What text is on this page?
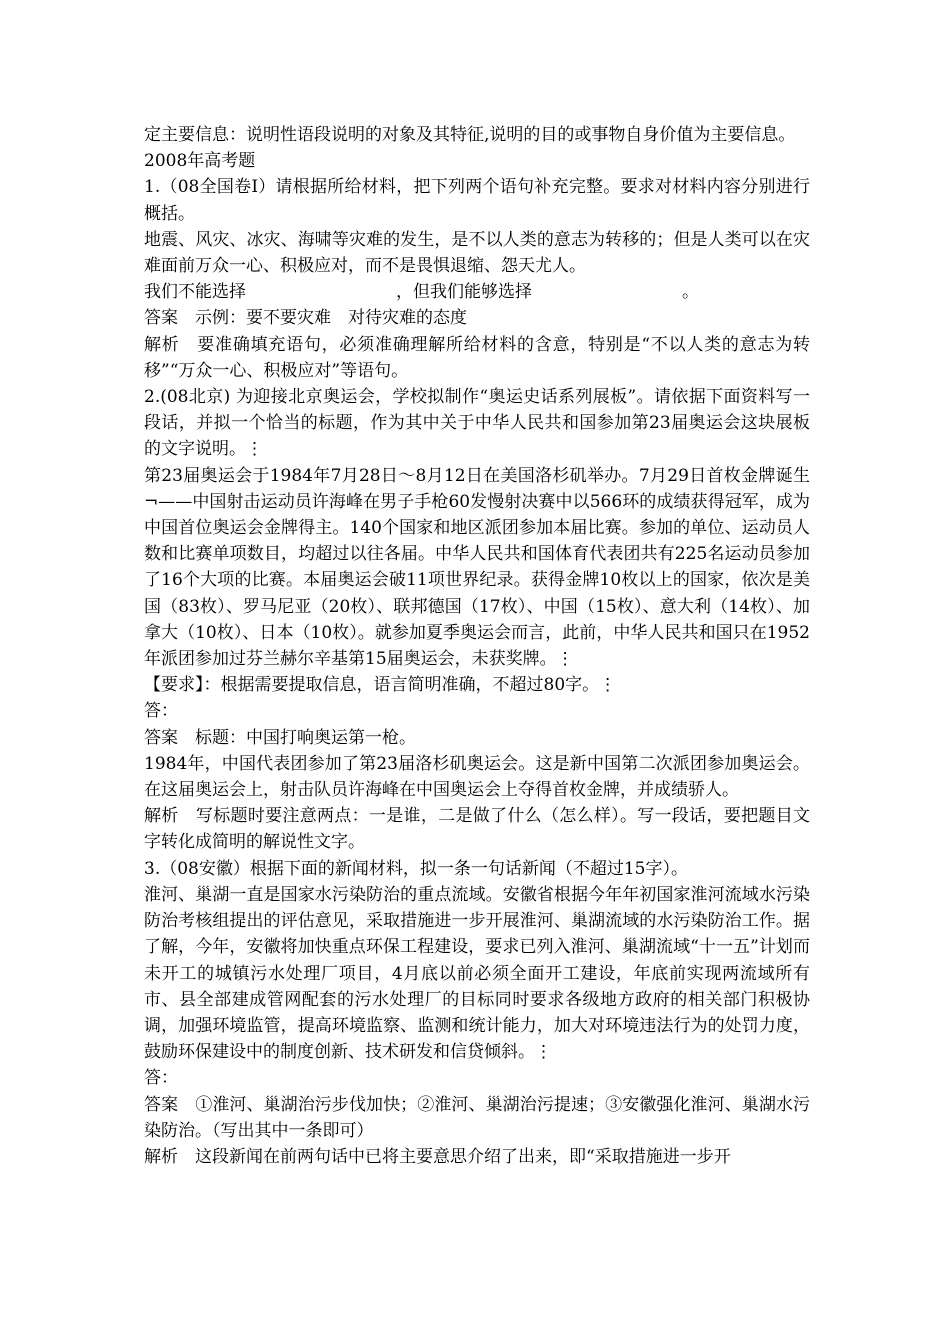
定主要信息：说明性语段说明的对象及其特征,说明的目的或事物自身价值为主要信息。

2008年高考题

1.（08全国卷Ⅰ）请根据所给材料，把下列两个语句补充完整。要求对材料内容分别进行概括。

地震、风灾、冰灾、海啸等灾难的发生，是不以人类的意志为转移的；但是人类可以在灾难面前万众一心、积极应对，而不是畏惧退缩、怨天尤人。

我们不能选择	，但我们能够选择	。

答案　示例：要不要灾难　对待灾难的态度

解析　要准确填充语句，必须准确理解所给材料的含意，特别是“不以人类的意志为转移”“万众一心、积极应对”等语句。

2.(08北京) 为迎接北京奥运会，学校拟制作“奥运史话系列展板”。请依据下面资料写一段话，并拟一个恰当的标题，作为其中关于中华人民共和国参加第23届奥运会这块展板的文字说明。⋮

第23届奥运会于1984年7月28日～8月12日在美国洛杉矶举办。7月29日首枚金牌诞生¬——中国射击运动员许海峰在男子手枪60发慢射决赛中以566环的成绩获得冠军，成为中国首位奥运会金牌得主。140个国家和地区派团参加本届比赛。参加的单位、运动员人数和比赛单项数目，均超过以往各届。中华人民共和国体育代表团共有225名运动员参加了16个大项的比赛。本届奥运会破11项世界纪录。获得金牌10枚以上的国家，依次是美国（83枚）、罗马尼亚（20枚）、联邦德国（17枚）、中国（15枚）、意大利（14枚）、加拿大（10枚）、日本（10枚）。就参加夏季奥运会而言，此前，中华人民共和国只在1952年派团参加过芬兰赫尔辛基第15届奥运会，未获奖牌。⋮

【要求】：根据需要提取信息，语言简明准确，不超过80字。⋮

答：

答案　标题：中国打响奥运第一枪。

1984年，中国代表团参加了第23届洛杉矶奥运会。这是新中国第二次派团参加奥运会。在这届奥运会上，射击队员许海峰在中国奥运会上夺得首枚金牌，并成绩骄人。

解析　写标题时要注意两点：一是谁，二是做了什么（怎么样）。写一段话，要把题目文字转化成简明的解说性文字。

3.（08安徽）根据下面的新闻材料，拟一条一句话新闻（不超过15字）。

淮河、巢湖一直是国家水污染防治的重点流域。安徽省根据今年年初国家淮河流域水污染防治考核组提出的评估意见，采取措施进一步开展淮河、巢湖流域的水污染防治工作。据了解，今年，安徽将加快重点环保工程建设，要求已列入淮河、巢湖流域“十一五”计划而未开工的城镇污水处理厂项目，4月底以前必须全面开工建设，年底前实现两流域所有市、县全部建成管网配套的污水处理厂的目标同时要求各级地方政府的相关部门积极协调，加强环境监管，提高环境监察、监测和统计能力，加大对环境违法行为的处罚力度，鼓励环保建设中的制度创新、技术研发和信贷倾斜。⋮

答：

答案　①淮河、巢湖治污步伐加快；②淮河、巢湖治污提速；③安徽强化淮河、巢湖水污染防治。（写出其中一条即可）

解析　这段新闻在前两句话中已将主要意思介绍了出来，即“采取措施进一步开
